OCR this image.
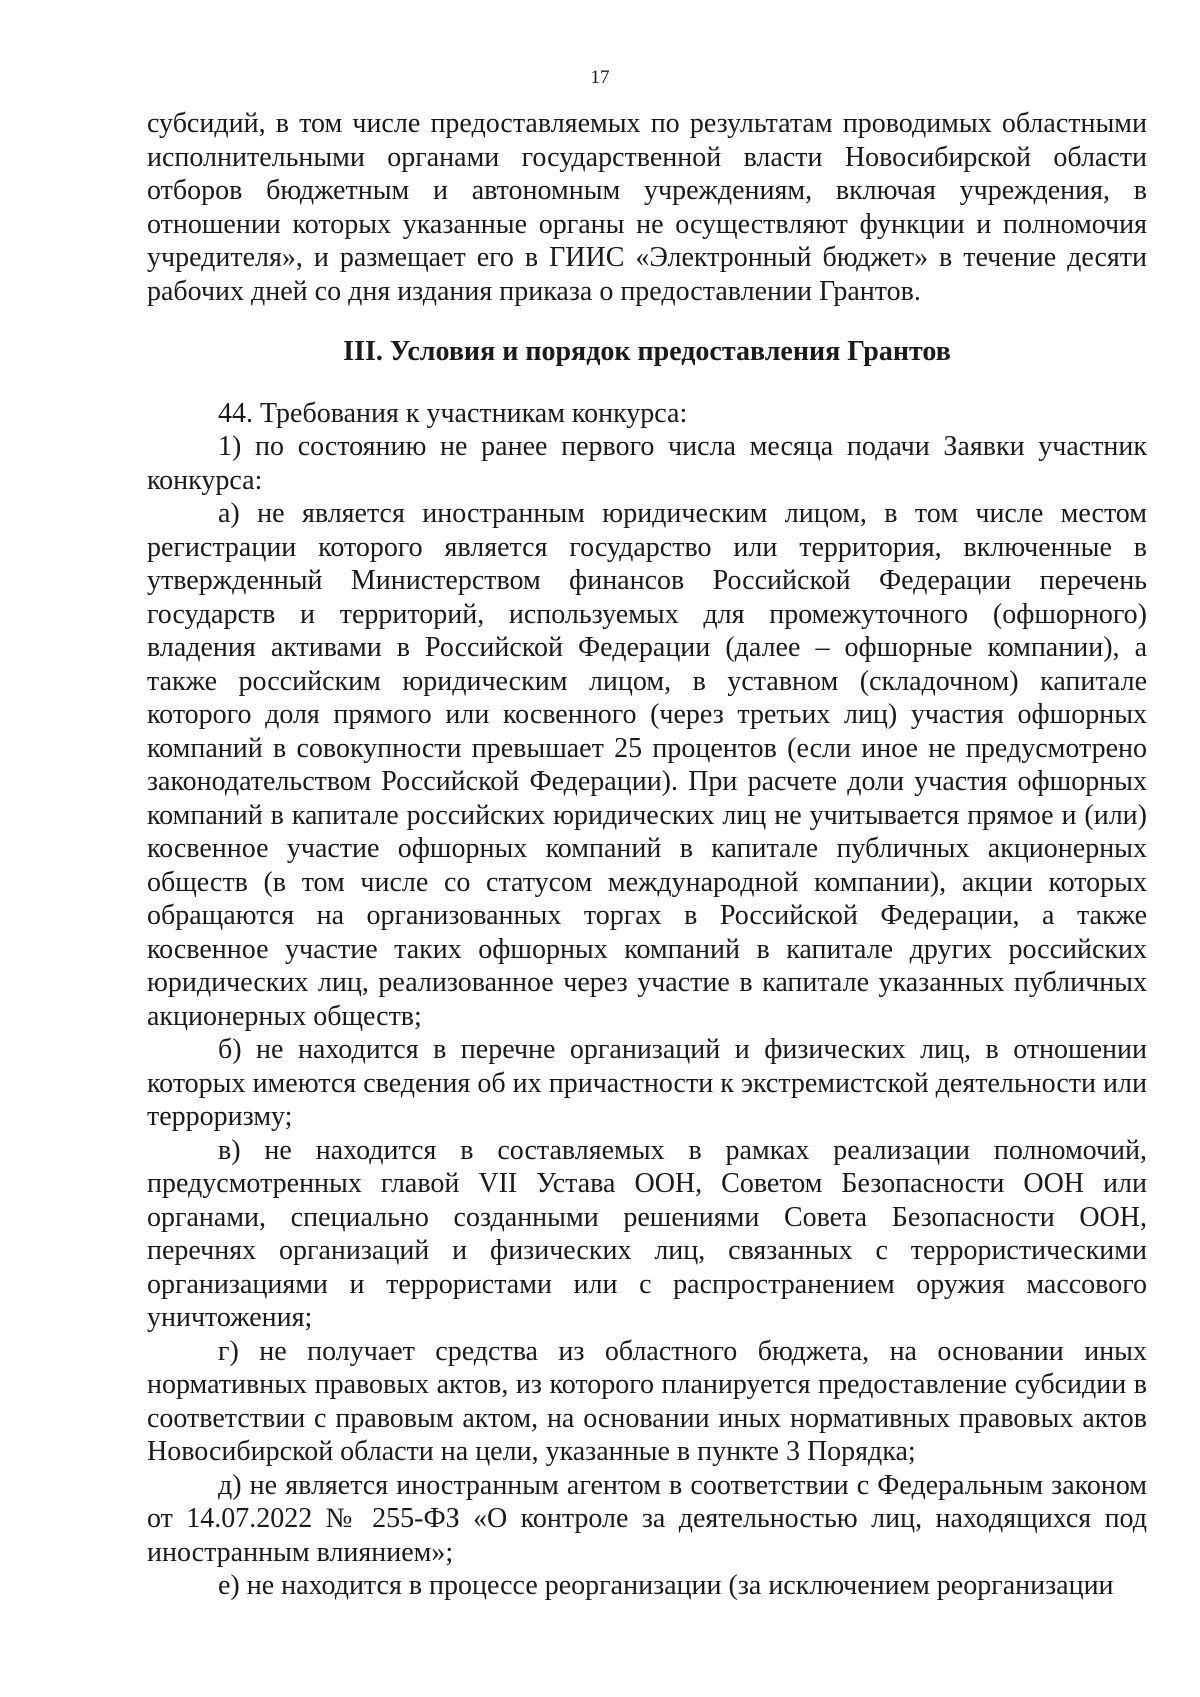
17

субсидий, в том числе предоставляемых по результатам проводимых областными исполнительными органами государственной власти Новосибирской области отборов бюджетным и автономным учреждениям, включая учреждения, в отношении которых указанные органы не осуществляют функции и полномочия учредителя», и размещает его в ГИИС «Электронный бюджет» в течение десяти рабочих дней со дня издания приказа о предоставлении Грантов.

III. Условия и порядок предоставления Грантов

44. Требования к участникам конкурса:

1) по состоянию не ранее первого числа месяца подачи Заявки участник конкурса:

а) не является иностранным юридическим лицом, в том числе местом регистрации которого является государство или территория, включенные в утвержденный Министерством финансов Российской Федерации перечень государств и территорий, используемых для промежуточного (офшорного) владения активами в Российской Федерации (далее – офшорные компании), а также российским юридическим лицом, в уставном (складочном) капитале которого доля прямого или косвенного (через третьих лиц) участия офшорных компаний в совокупности превышает 25 процентов (если иное не предусмотрено законодательством Российской Федерации). При расчете доли участия офшорных компаний в капитале российских юридических лиц не учитывается прямое и (или) косвенное участие офшорных компаний в капитале публичных акционерных обществ (в том числе со статусом международной компании), акции которых обращаются на организованных торгах в Российской Федерации, а также косвенное участие таких офшорных компаний в капитале других российских юридических лиц, реализованное через участие в капитале указанных публичных акционерных обществ;

б) не находится в перечне организаций и физических лиц, в отношении которых имеются сведения об их причастности к экстремистской деятельности или терроризму;

в) не находится в составляемых в рамках реализации полномочий, предусмотренных главой VII Устава ООН, Советом Безопасности ООН или органами, специально созданными решениями Совета Безопасности ООН, перечнях организаций и физических лиц, связанных с террористическими организациями и террористами или с распространением оружия массового уничтожения;

г) не получает средства из областного бюджета, на основании иных нормативных правовых актов, из которого планируется предоставление субсидии в соответствии с правовым актом, на основании иных нормативных правовых актов Новосибирской области на цели, указанные в пункте 3 Порядка;

д) не является иностранным агентом в соответствии с Федеральным законом от 14.07.2022 № 255-ФЗ «О контроле за деятельностью лиц, находящихся под иностранным влиянием»;

е) не находится в процессе реорганизации (за исключением реорганизации
